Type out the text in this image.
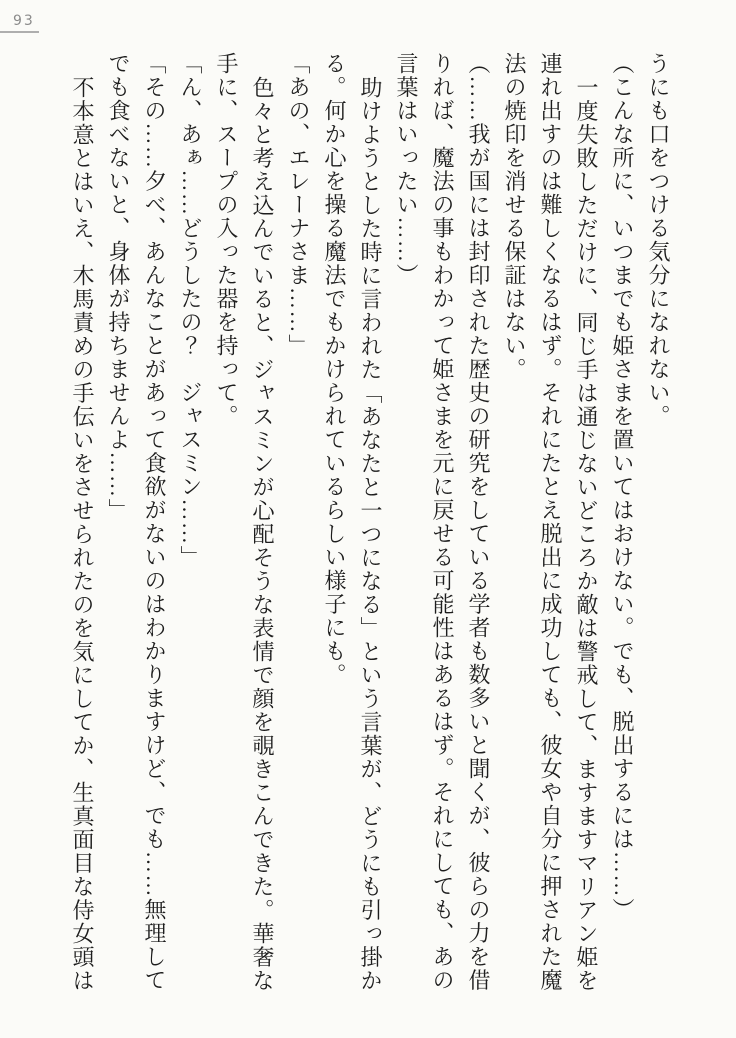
93
うにも口をつける気分になれない。
（こんな所に、いつまでも姫さまを置いてはおけない。でも、脱出するには……）
一度失敗しただけに、同じ手は通じないどころか敵は警戒して、ますますマリアン姫を
連れ出すのは難しくなるはず。それにたとえ脱出に成功しても、彼女や自分に押された魔
法の焼印を消せる保証はない。
（……我が国には封印された歴史の研究をしている学者も数多いと聞くが、彼らの力を借
りれば、魔法の事もわかって姫さまを元に戻せる可能性はあるはず。それにしても、あの
言葉はいったい……）
助けようとした時に言われた「あなたと一つになる」という言葉が、どうにも引っ掛か
る。何か心を操る魔法でもかけられているらしい様子にも。
「あの、エレーナさま……」
色々と考え込んでいると、ジャスミンが心配そうな表情で顔を覗きこんできた。華奢な
手に、スープの入った器を持って。
「ん、あぁ……どうしたの？　ジャスミン……」
「その……夕べ、あんなことがあって食欲がないのはわかりますけど、でも……無理して
でも食べないと、身体が持ちませんよ……」
不本意とはいえ、木馬責めの手伝いをさせられたのを気にしてか、生真面目な侍女頭は
